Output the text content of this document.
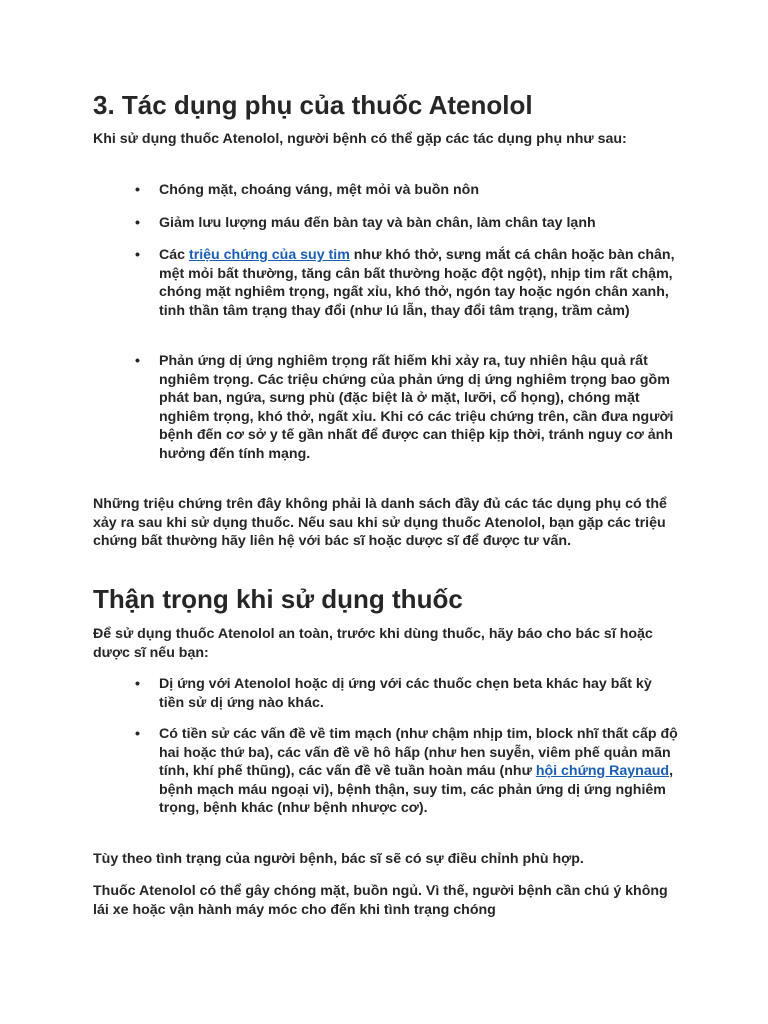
3. Tác dụng phụ của thuốc Atenolol

Khi sử dụng thuốc Atenolol, người bệnh có thể gặp các tác dụng phụ như sau:

• Chóng mặt, choáng váng, mệt mỏi và buồn nôn
• Giảm lưu lượng máu đến bàn tay và bàn chân, làm chân tay lạnh
• Các triệu chứng của suy tim như khó thở, sưng mắt cá chân hoặc bàn chân, mệt mỏi bất thường, tăng cân bất thường hoặc đột ngột), nhịp tim rất chậm, chóng mặt nghiêm trọng, ngất xỉu, khó thở, ngón tay hoặc ngón chân xanh, tinh thần tâm trạng thay đổi (như lú lẫn, thay đổi tâm trạng, trầm cảm)
• Phản ứng dị ứng nghiêm trọng rất hiếm khi xảy ra, tuy nhiên hậu quả rất nghiêm trọng. Các triệu chứng của phản ứng dị ứng nghiêm trọng bao gồm phát ban, ngứa, sưng phù (đặc biệt là ở mặt, lưỡi, cổ họng), chóng mặt nghiêm trọng, khó thở, ngất xỉu. Khi có các triệu chứng trên, cần đưa người bệnh đến cơ sở y tế gần nhất để được can thiệp kịp thời, tránh nguy cơ ảnh hưởng đến tính mạng.

Những triệu chứng trên đây không phải là danh sách đầy đủ các tác dụng phụ có thể xảy ra sau khi sử dụng thuốc. Nếu sau khi sử dụng thuốc Atenolol, bạn gặp các triệu chứng bất thường hãy liên hệ với bác sĩ hoặc dược sĩ để được tư vấn.

Thận trọng khi sử dụng thuốc

Để sử dụng thuốc Atenolol an toàn, trước khi dùng thuốc, hãy báo cho bác sĩ hoặc dược sĩ nếu bạn:

• Dị ứng với Atenolol hoặc dị ứng với các thuốc chẹn beta khác hay bất kỳ tiền sử dị ứng nào khác.
• Có tiền sử các vấn đề về tim mạch (như chậm nhịp tim, block nhĩ thất cấp độ hai hoặc thứ ba), các vấn đề về hô hấp (như hen suyễn, viêm phế quản mãn tính, khí phế thũng), các vấn đề về tuần hoàn máu (như hội chứng Raynaud, bệnh mạch máu ngoại vi), bệnh thận, suy tim, các phản ứng dị ứng nghiêm trọng, bệnh khác (như bệnh nhược cơ).

Tùy theo tình trạng của người bệnh, bác sĩ sẽ có sự điều chỉnh phù hợp.

Thuốc Atenolol có thể gây chóng mặt, buồn ngủ. Vì thế, người bệnh cần chú ý không lái xe hoặc vận hành máy móc cho đến khi tình trạng chóng
